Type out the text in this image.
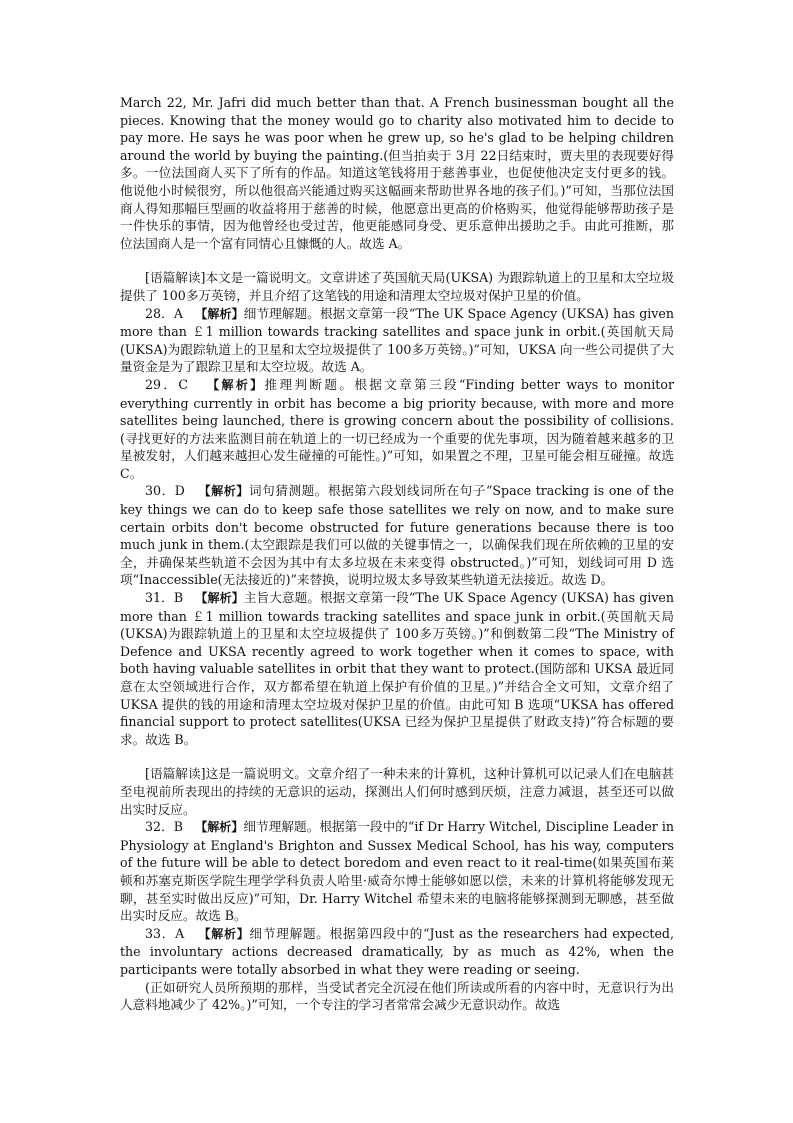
March 22, Mr. Jafri did much better than that. A French businessman bought all the pieces. Knowing that the money would go to charity also motivated him to decide to pay more. He says he was poor when he grew up, so he's glad to be helping children around the world by buying the painting.(但当拍卖于 3月 22日结束时，贾夫里的表现要好得多。一位法国商人买下了所有的作品。知道这笔钱将用于慈善事业，也促使他决定支付更多的钱。他说他小时候很穷，所以他很高兴能通过购买这幅画来帮助世界各地的孩子们。)”可知，当那位法国商人得知那幅巨型画的收益将用于慈善的时候，他愿意出更高的价格购买，他觉得能够帮助孩子是一件快乐的事情，因为他曾经也受过苦，他更能感同身受、更乐意伸出援助之手。由此可推断，那位法国商人是一个富有同情心且慷慨的人。故选 A。

[语篇解读]本文是一篇说明文。文章讲述了英国航天局(UKSA) 为跟踪轨道上的卫星和太空垃圾提供了 100多万英镑，并且介绍了这笔钱的用途和清理太空垃圾对保护卫星的价值。

28．A 【解析】细节理解题。根据文章第一段“The UK Space Agency (UKSA) has given more than ￡1 million towards tracking satellites and space junk in orbit.(英国航天局(UKSA)为跟踪轨道上的卫星和太空垃圾提供了 100多万英镑。)”可知，UKSA 向一些公司提供了大量资金是为了跟踪卫星和太空垃圾。故选 A。

29．C 【解析】推理判断题。根据文章第三段“Finding better ways to monitor everything currently in orbit has become a big priority because, with more and more satellites being launched, there is growing concern about the possibility of collisions.(寻找更好的方法来监测目前在轨道上的一切已经成为一个重要的优先事项，因为随着越来越多的卫星被发射，人们越来越担心发生碰撞的可能性。)”可知，如果置之不理，卫星可能会相互碰撞。故选 C。

30．D 【解析】词句猜测题。根据第六段划线词所在句子“Space tracking is one of the key things we can do to keep safe those satellites we rely on now, and to make sure certain orbits don't become obstructed for future generations because there is too much junk in them.(太空跟踪是我们可以做的关键事情之一，以确保我们现在所依赖的卫星的安全，并确保某些轨道不会因为其中有太多垃圾在未来变得 obstructed。)”可知，划线词可用 D 选项“Inaccessible(无法接近的)”来替换，说明垃圾太多导致某些轨道无法接近。故选 D。

31．B 【解析】主旨大意题。根据文章第一段“The UK Space Agency (UKSA) has given more than ￡1 million towards tracking satellites and space junk in orbit.(英国航天局(UKSA)为跟踪轨道上的卫星和太空垃圾提供了 100多万英镑。)”和倒数第二段“The Ministry of Defence and UKSA recently agreed to work together when it comes to space, with both having valuable satellites in orbit that they want to protect.(国防部和 UKSA 最近同意在太空领域进行合作，双方都希望在轨道上保护有价值的卫星。)”并结合全文可知，文章介绍了 UKSA 提供的钱的用途和清理太空垃圾对保护卫星的价值。由此可知 B 选项“UKSA has offered financial support to protect satellites(UKSA 已经为保护卫星提供了财政支持)”符合标题的要求。故选 B。

[语篇解读]这是一篇说明文。文章介绍了一种未来的计算机，这种计算机可以记录人们在电脑甚至电视前所表现出的持续的无意识的运动，探测出人们何时感到厌烦，注意力减退，甚至还可以做出实时反应。

32．B 【解析】细节理解题。根据第一段中的“if Dr Harry Witchel, Discipline Leader in Physiology at England's Brighton and Sussex Medical School, has his way, computers of the future will be able to detect boredom and even react to it real-time(如果英国布莱顿和苏塞克斯医学院生理学学科负责人哈里·威奇尔博士能够如愿以偿，未来的计算机将能够发现无聊，甚至实时做出反应)”可知，Dr. Harry Witchel 希望未来的电脑将能够探测到无聊感，甚至做出实时反应。故选 B。

33．A 【解析】细节理解题。根据第四段中的“Just as the researchers had expected, the involuntary actions decreased dramatically, by as much as 42%, when the participants were totally absorbed in what they were reading or seeing.

(正如研究人员所预期的那样，当受试者完全沉浸在他们所读或所看的内容中时，无意识行为出人意料地减少了 42%。)”可知，一个专注的学习者常常会减少无意识动作。故选
